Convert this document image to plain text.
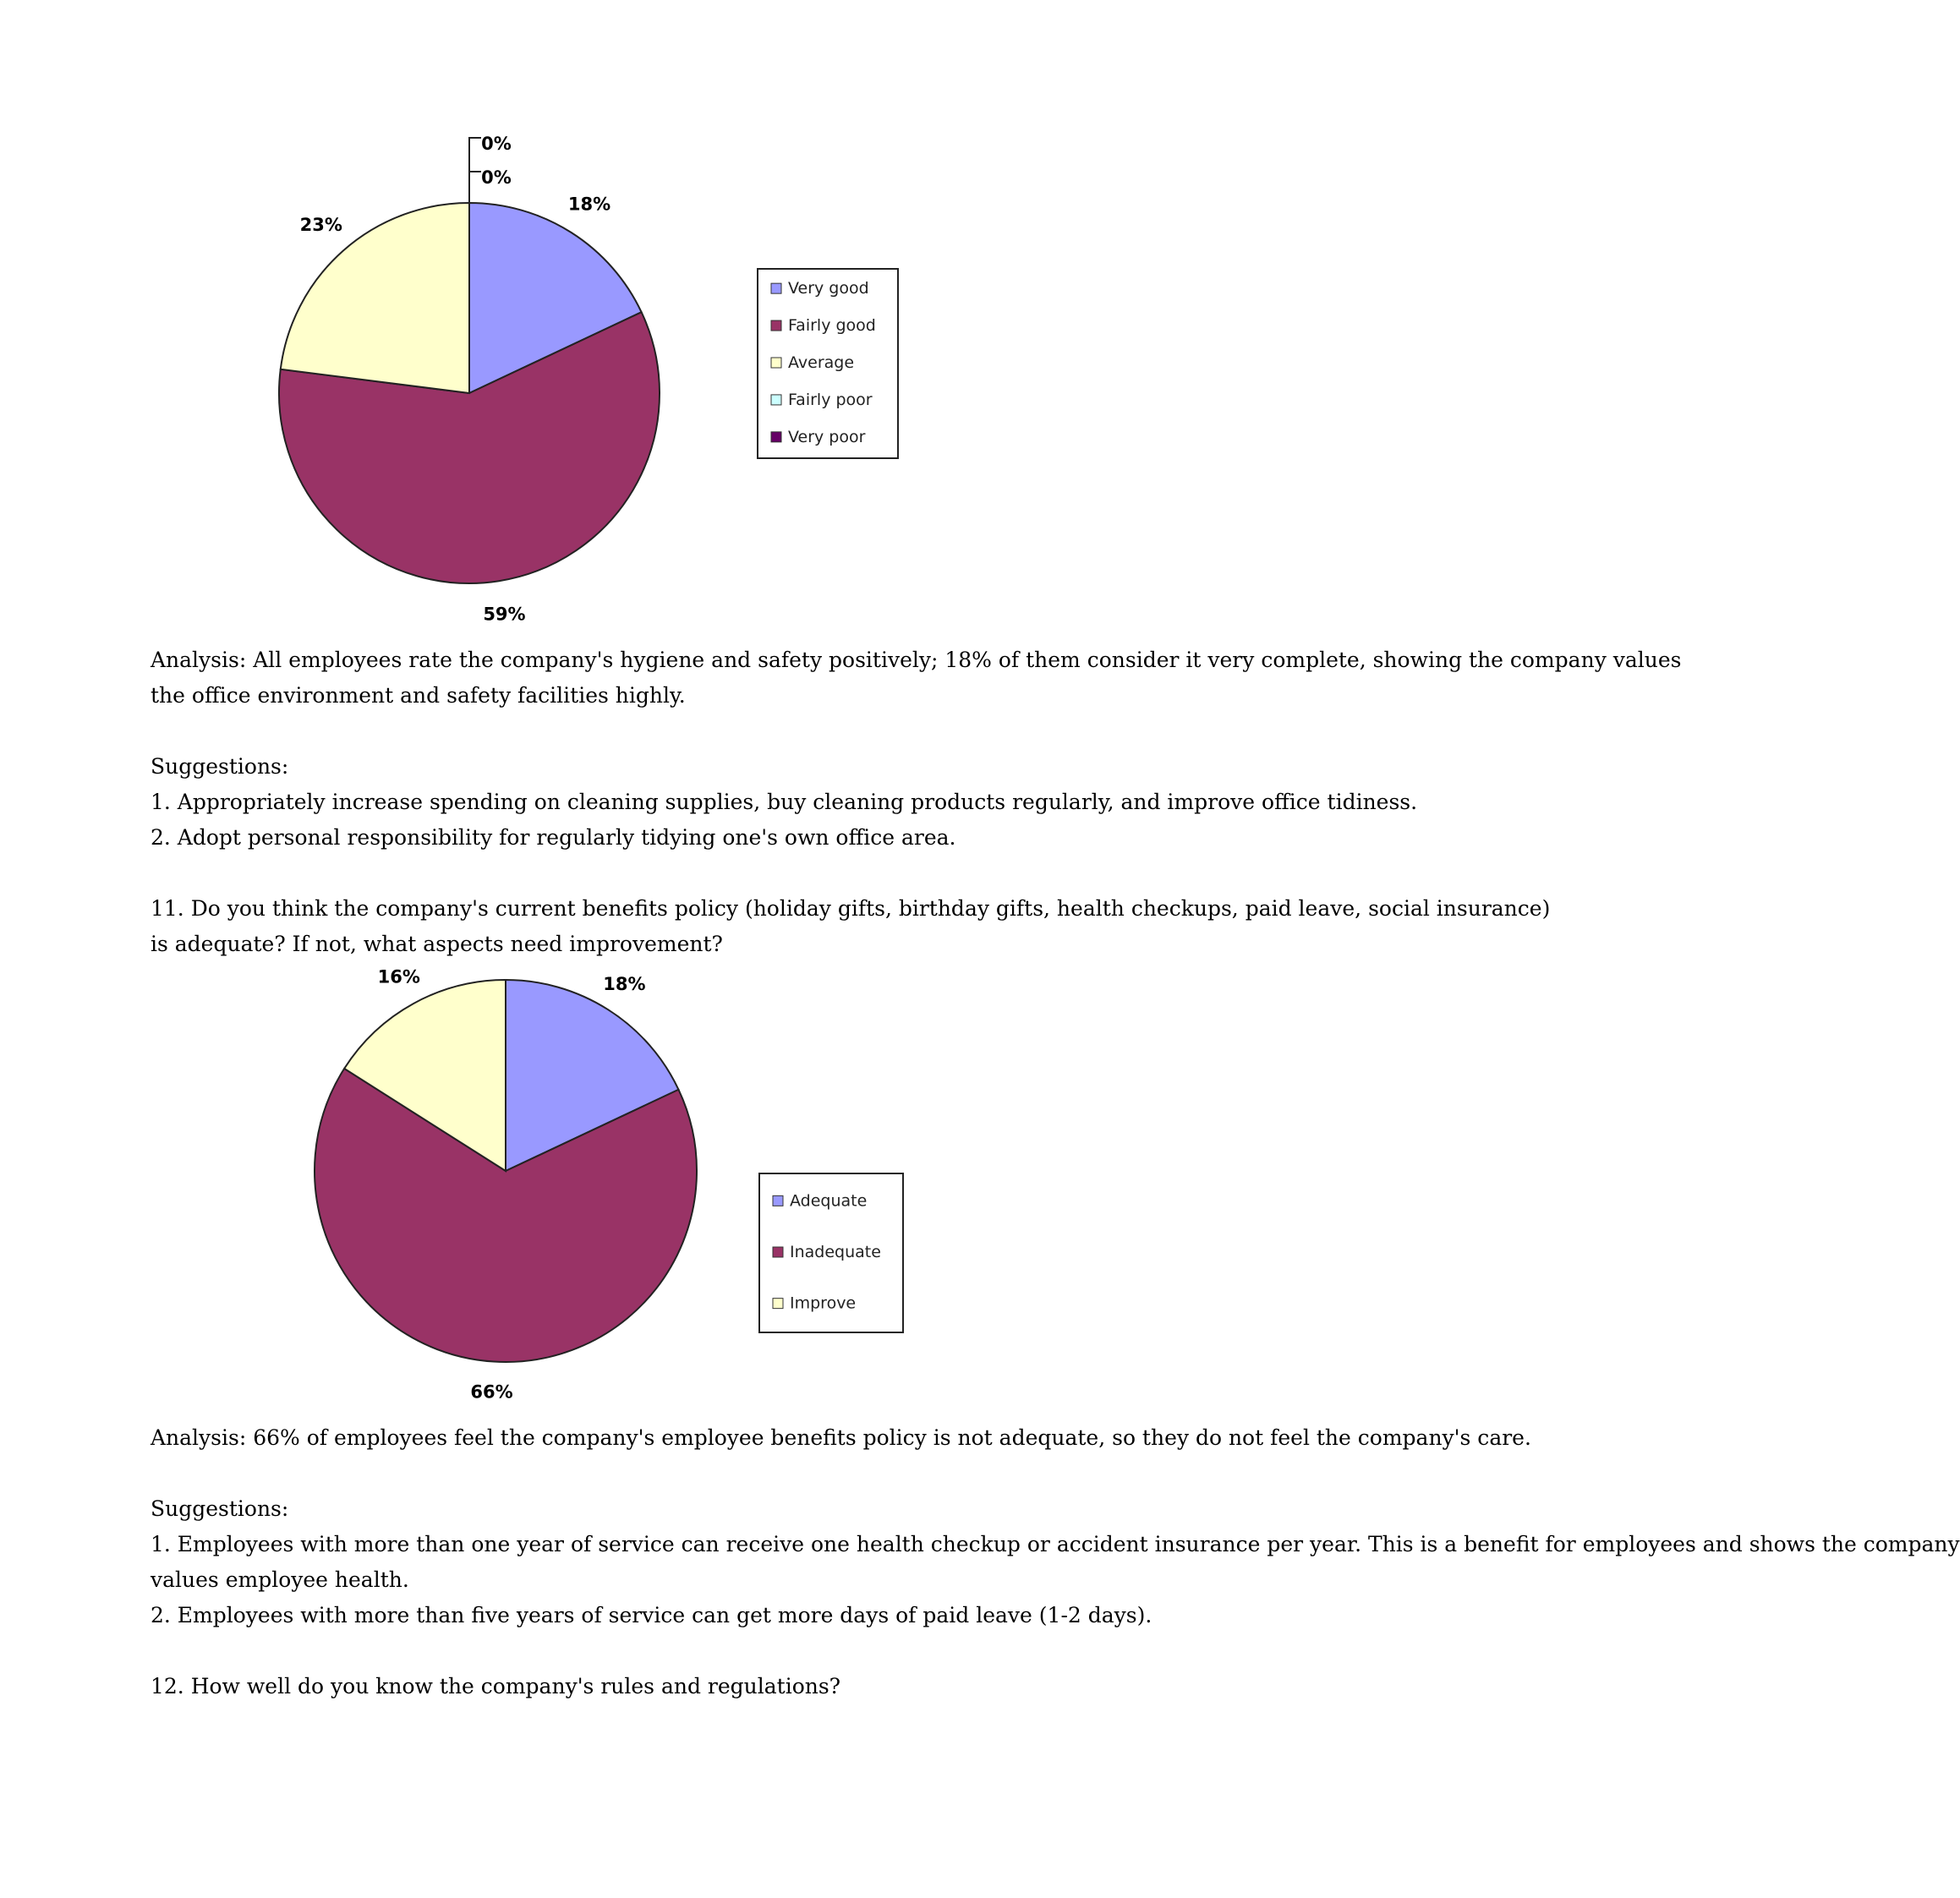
18%
59%
23%
0%
0%
Very good
Fairly good
Average
Fairly poor
Very poor

Analysis: All employees rate the company's hygiene and safety positively; 18% of them consider it very complete, showing the company values

the office environment and safety facilities highly.

Suggestions:

1. Appropriately increase spending on cleaning supplies, buy cleaning products regularly, and improve office tidiness.

2. Adopt personal responsibility for regularly tidying one's own office area.

11. Do you think the company's current benefits policy (holiday gifts, birthday gifts, health checkups, paid leave, social insurance)

is adequate? If not, what aspects need improvement?

18%
66%
16%
Adequate
Inadequate
Improve

Analysis: 66% of employees feel the company's employee benefits policy is not adequate, so they do not feel the company's care.

Suggestions:

1. Employees with more than one year of service can receive one health checkup or accident insurance per year. This is a benefit for employees and shows the company

values employee health.

2. Employees with more than five years of service can get more days of paid leave (1-2 days).

12. How well do you know the company's rules and regulations?
